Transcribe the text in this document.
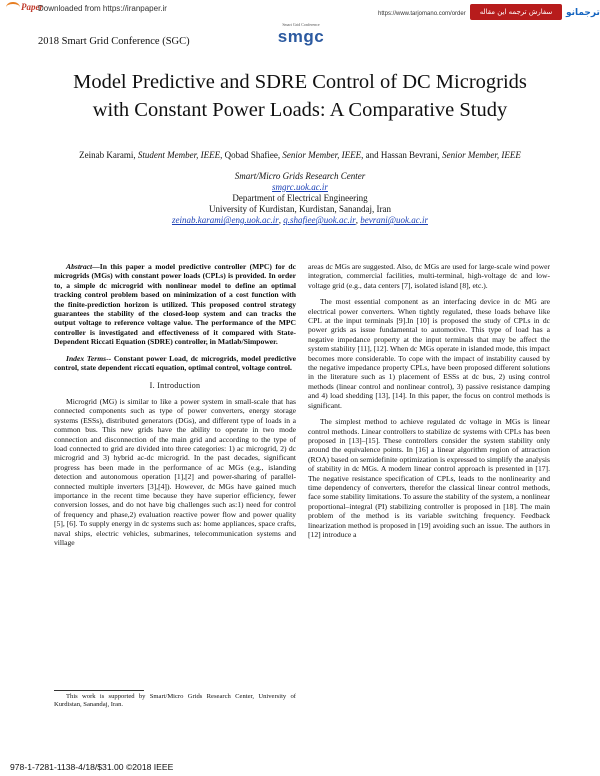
Paper
Downloaded from https://iranpaper.ir
https://www.tarjomano.com/order	سفارش ترجمه این مقاله	ترجمانو
2018 Smart Grid Conference (SGC)
Smart Grid Conference
smgc
Model Predictive and SDRE Control of DC Microgrids
with Constant Power Loads: A Comparative Study
Zeinab Karami, Student Member, IEEE, Qobad Shafiee, Senior Member, IEEE, and Hassan Bevrani, Senior Member, IEEE
Smart/Micro Grids Research Center
smgrc.uok.ac.ir
Department of Electrical Engineering
University of Kurdistan, Kurdistan, Sanandaj, Iran
zeinab.karami@eng.uok.ac.ir, q.shafiee@uok.ac.ir, bevrani@uok.ac.ir

Abstract—In this paper a model predictive controller (MPC) for dc microgrids (MGs) with constant power loads (CPLs) is provided. In order to, a simple dc microgrid with nonlinear model to define an optimal tracking control problem based on minimization of a cost function with the finite-prediction horizon is utilized. This proposed control strategy guarantees the stability of the closed-loop system and can tracks the output voltage to reference voltage value. The performance of the MPC controller is investigated and effectiveness of it compared with State-Dependent Riccati Equation (SDRE) controller, in Matlab/Simpower.

Index Terms-- Constant power Load, dc microgrids, model predictive control, state dependent riccati equation, optimal control, voltage control.

I. Introduction

Microgrid (MG) is similar to like a power system in small-scale that has connected components such as type of power converters, energy storage systems (ESSs), distributed generators (DGs), and different type of loads in a common bus. This new grids have the ability to operate in two mode connection and disconnection of the main grid and according to the type of load connected to grid are divided into three categories: 1) ac microgrid, 2) dc microgrid and 3) hybrid ac-dc microgrid. In the past decades, significant progress has been made in the performance of ac MGs (e.g., islanding detection and autonomous operation [1],[2] and power-sharing of parallel-connected multiple inverters [3],[4]). However, dc MGs have gained much importance in the recent time because they have superior efficiency, fewer conversion losses, and do not have big challenges such as:1) need for control of frequency and phase,2) evaluation reactive power flow and power quality [5], [6]. To supply energy in dc systems such as: home appliances, space crafts, naval ships, electric vehicles, submarines, telecommunication systems and village

areas dc MGs are suggested. Also, dc MGs are used for large-scale wind power integration, commercial facilities, multi-terminal, high-voltage dc and low-voltage grid (e.g., data centers [7], isolated island [8], etc.).

The most essential component as an interfacing device in dc MG are electrical power converters. When tightly regulated, these loads behave like CPL at the input terminals [9].In [10] is proposed the study of CPLs in dc power grids as issue fundamental to automotive. This type of load has a negative impedance property at the input terminals that may be affect the system stability [11], [12]. When dc MGs operate in islanded mode, this impact becomes more considerable. To cope with the impact of instability caused by the negative impedance property CPLs, have been proposed different solutions in the literature such as 1) placement of ESSs at dc bus, 2) using control methods (linear control and nonlinear control), 3) passive resistance damping and 4) load shedding [13], [14]. In this paper, the focus on control methods is significant.

The simplest method to achieve regulated dc voltage in MGs is linear control methods. Linear controllers to stabilize dc systems with CPLs has been proposed in [13]–[15]. These controllers consider the system stability only around the equivalence points. In [16] a linear algorithm region of attraction (ROA) based on semidefinite optimization is expressed to simplify the analysis of stability in dc MGs. A modern linear control approach is presented in [17]. The negative resistance specification of CPLs, leads to the nonlinearity and time dependency of converters, therefor the classical linear control methods, face some stability limitations. To assure the stability of the system, a nonlinear proportional–integral (PI) stabilizing controller is proposed in [18]. The main problem of the method is its variable switching frequency. Feedback linearization method is proposed in [19] avoiding such an issue. The authors in [12] introduce a

This work is supported by Smart/Micro Grids Research Center, University of Kurdistan, Sanandaj, Iran.
978-1-7281-1138-4/18/$31.00 ©2018 IEEE
